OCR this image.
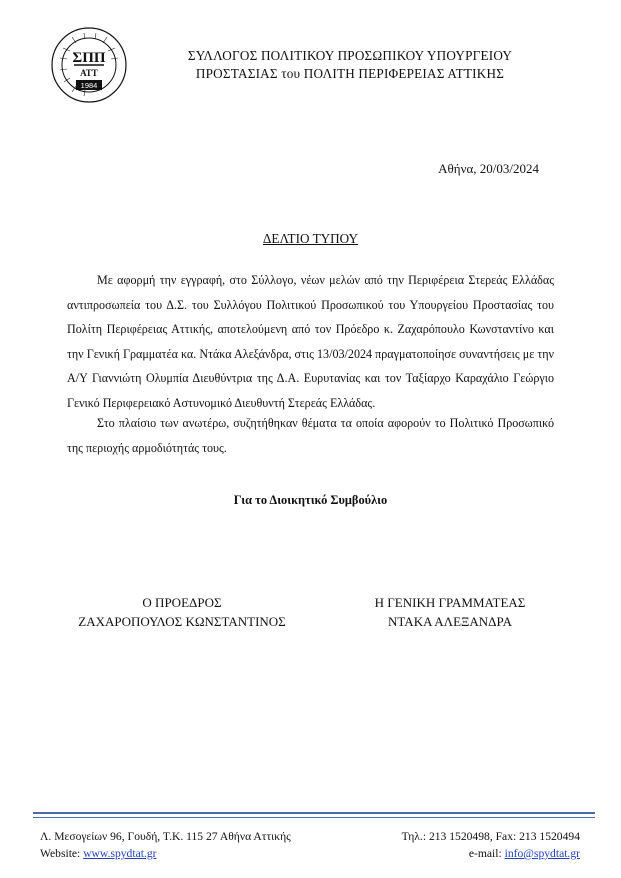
ΣΠΠ
ΑΤΤ
1984
ΣΥΛΛΟΓΟΣ ΠΟΛΙΤΙΚΟΥ ΠΡΟΣΩΠΙΚΟΥ ΥΠΟΥΡΓΕΙΟΥ
ΠΡΟΣΤΑΣΙΑΣ του ΠΟΛΙΤΗ ΠΕΡΙΦΕΡΕΙΑΣ ΑΤΤΙΚΗΣ
Αθήνα, 20/03/2024
ΔΕΛΤΙΟ ΤΥΠΟΥ
Με αφορμή την εγγραφή, στο Σύλλογο, νέων μελών από την Περιφέρεια Στερεάς Ελλάδας αντιπροσωπεία του Δ.Σ. του Συλλόγου Πολιτικού Προσωπικού του Υπουργείου Προστασίας του Πολίτη Περιφέρειας Αττικής, αποτελούμενη από τον Πρόεδρο κ. Ζαχαρόπουλο Κωνσταντίνο και την Γενική Γραμματέα κα. Ντάκα Αλεξάνδρα, στις 13/03/2024 πραγματοποίησε συναντήσεις με την Α/Υ Γιαννιώτη Ολυμπία Διευθύντρια της Δ.Α. Ευρυτανίας και τον Ταξίαρχο Καραχάλιο Γεώργιο Γενικό Περιφερειακό Αστυνομικό Διευθυντή Στερεάς Ελλάδας.
Στο πλαίσιο των ανωτέρω, συζητήθηκαν θέματα τα οποία αφορούν το Πολιτικό Προσωπικό της περιοχής αρμοδιότητάς τους.
Για το Διοικητικό Συμβούλιο
Ο ΠΡΟΕΔΡΟΣ
ΖΑΧΑΡΟΠΟΥΛΟΣ ΚΩΝΣΤΑΝΤΙΝΟΣ
Η ΓΕΝΙΚΗ ΓΡΑΜΜΑΤΕΑΣ
ΝΤΑΚΑ ΑΛΕΞΑΝΔΡΑ
Λ. Μεσογείων 96, Γουδή, Τ.Κ. 115 27 Αθήνα Αττικής	Τηλ.: 213 1520498, Fax: 213 1520494
Website: www.spydtat.gr	e-mail: info@spydtat.gr
